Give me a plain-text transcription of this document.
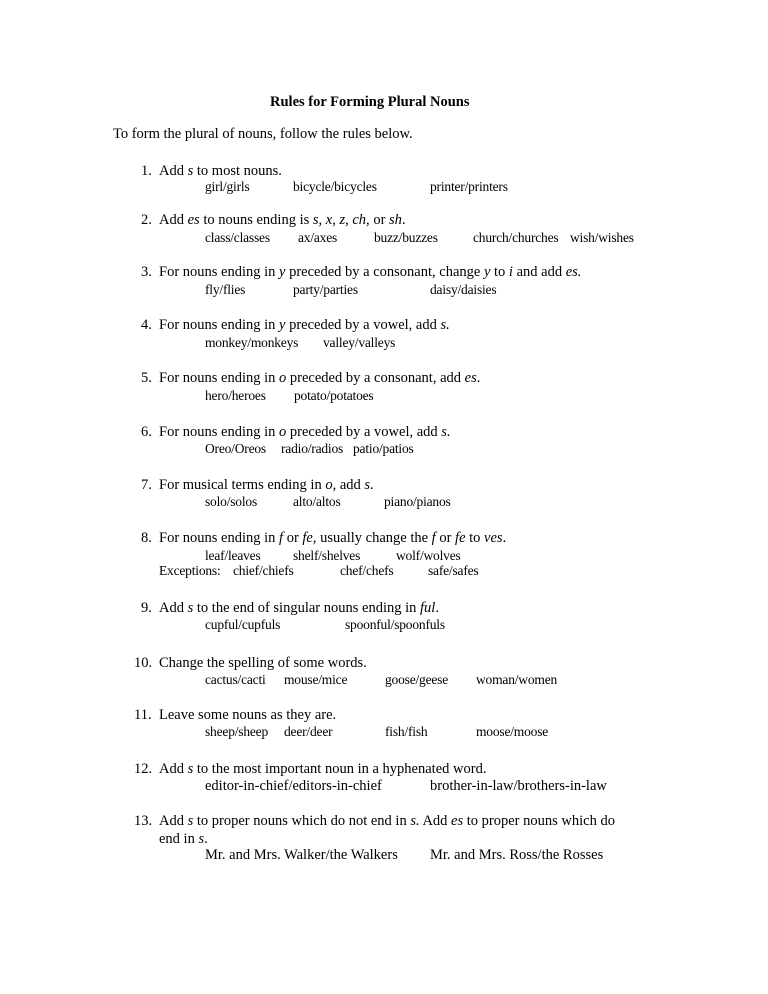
Rules for Forming Plural Nouns
To form the plural of nouns, follow the rules below.
1. Add s to most nouns.
girl/girls	bicycle/bicycles	printer/printers
2. Add es to nouns ending is s, x, z, ch, or sh.
class/classes ax/axes	buzz/buzzes	church/churches wish/wishes
3. For nouns ending in y preceded by a consonant, change y to i and add es.
fly/flies	party/parties	daisy/daisies
4. For nouns ending in y preceded by a vowel, add s.
monkey/monkeys valley/valleys
5. For nouns ending in o preceded by a consonant, add es.
hero/heroes potato/potatoes
6. For nouns ending in o preceded by a vowel, add s.
Oreo/Oreos radio/radios patio/patios
7. For musical terms ending in o, add s.
solo/solos	alto/altos	piano/pianos
8. For nouns ending in f or fe, usually change the f or fe to ves.
leaf/leaves shelf/shelves	wolf/wolves
Exceptions: chief/chiefs	chef/chefs	safe/safes
9. Add s to the end of singular nouns ending in ful.
cupful/cupfuls	spoonful/spoonfuls
10. Change the spelling of some words.
cactus/cacti mouse/mice	goose/geese woman/women
11. Leave some nouns as they are.
sheep/sheep deer/deer	fish/fish	moose/moose
12. Add s to the most important noun in a hyphenated word.
editor-in-chief/editors-in-chief	brother-in-law/brothers-in-law
13. Add s to proper nouns which do not end in s. Add es to proper nouns which do
end in s.
Mr. and Mrs. Walker/the Walkers Mr. and Mrs. Ross/the Rosses
